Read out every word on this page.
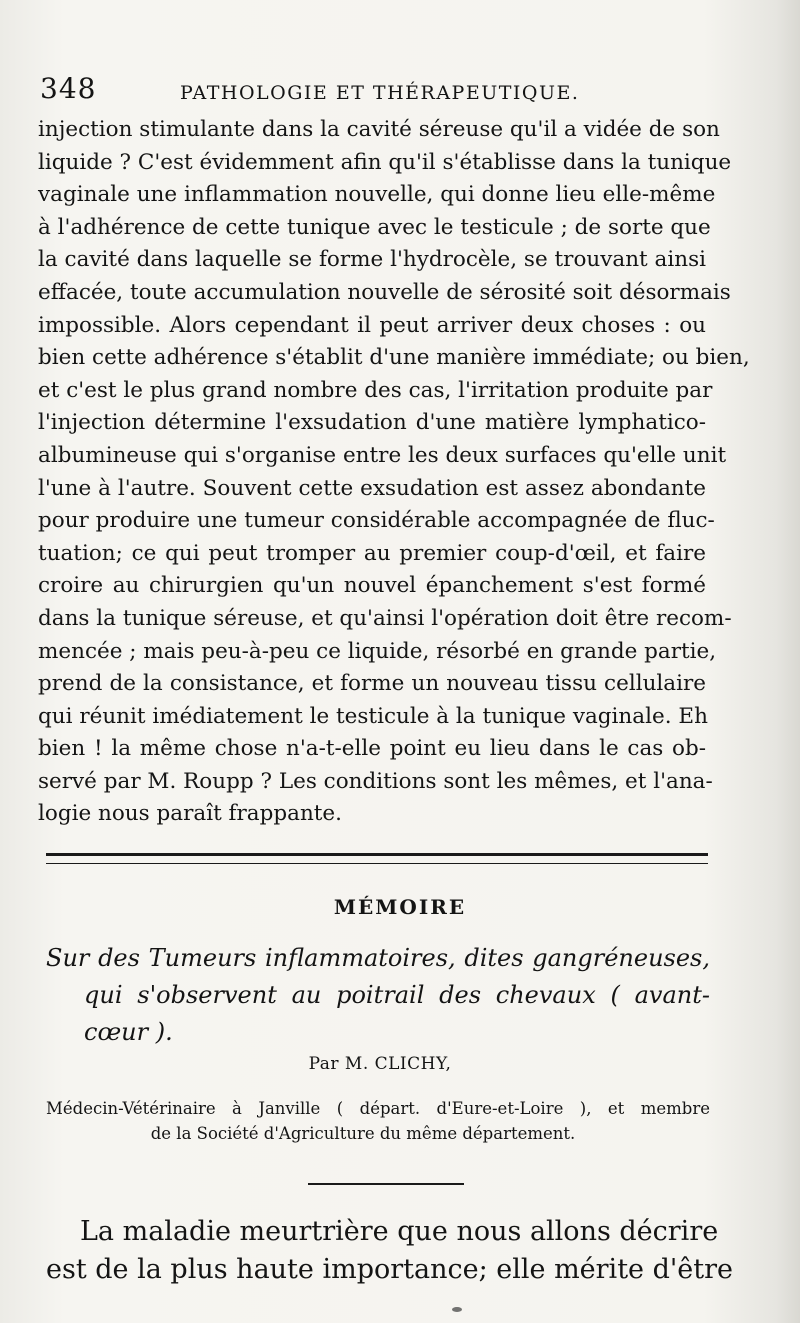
348	PATHOLOGIE ET THÉRAPEUTIQUE.
injection stimulante dans la cavité séreuse qu'il a vidée de son
liquide ? C'est évidemment afin qu'il s'établisse dans la tunique
vaginale une inflammation nouvelle, qui donne lieu elle-même
à l'adhérence de cette tunique avec le testicule ; de sorte que
la cavité dans laquelle se forme l'hydrocèle, se trouvant ainsi
effacée, toute accumulation nouvelle de sérosité soit désormais
impossible. Alors cependant il peut arriver deux choses : ou
bien cette adhérence s'établit d'une manière immédiate; ou bien,
et c'est le plus grand nombre des cas, l'irritation produite par
l'injection détermine l'exsudation d'une matière lymphatico-
albumineuse qui s'organise entre les deux surfaces qu'elle unit
l'une à l'autre. Souvent cette exsudation est assez abondante
pour produire une tumeur considérable accompagnée de fluc-
tuation; ce qui peut tromper au premier coup-d'œil, et faire
croire au chirurgien qu'un nouvel épanchement s'est formé
dans la tunique séreuse, et qu'ainsi l'opération doit être recom-
mencée ; mais peu-à-peu ce liquide, résorbé en grande partie,
prend de la consistance, et forme un nouveau tissu cellulaire
qui réunit imédiatement le testicule à la tunique vaginale. Eh
bien ! la même chose n'a-t-elle point eu lieu dans le cas ob-
servé par M. Roupp ? Les conditions sont les mêmes, et l'ana-
logie nous paraît frappante.
MÉMOIRE
Sur des Tumeurs inflammatoires, dites gangréneuses,
qui s'observent au poitrail des chevaux ( avant-
cœur ).
Par M. CLICHY,
Médecin-Vétérinaire à Janville ( départ. d'Eure-et-Loire ), et membre
de la Société d'Agriculture du même département.
La maladie meurtrière que nous allons décrire
est de la plus haute importance; elle mérite d'être
